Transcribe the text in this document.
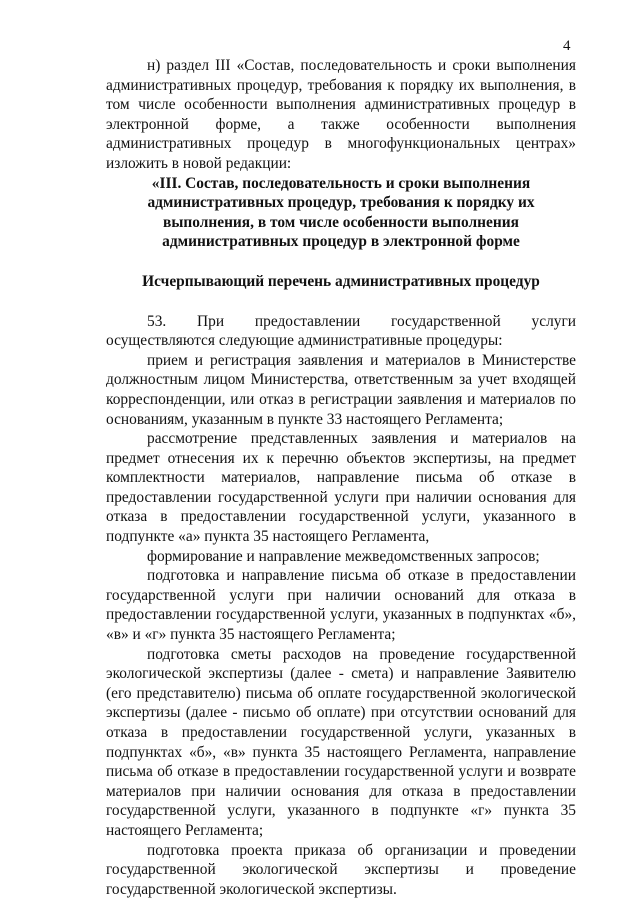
4

н) раздел III «Состав, последовательность и сроки выполнения административных процедур, требования к порядку их выполнения, в том числе особенности выполнения административных процедур в электронной форме, а также особенности выполнения административных процедур в многофункциональных центрах» изложить в новой редакции:

«III. Состав, последовательность и сроки выполнения административных процедур, требования к порядку их выполнения, в том числе особенности выполнения административных процедур в электронной форме

Исчерпывающий перечень административных процедур

53. При предоставлении государственной услуги осуществляются следующие административные процедуры:

прием и регистрация заявления и материалов в Министерстве должностным лицом Министерства, ответственным за учет входящей корреспонденции, или отказ в регистрации заявления и материалов по основаниям, указанным в пункте 33 настоящего Регламента;

рассмотрение представленных заявления и материалов на предмет отнесения их к перечню объектов экспертизы, на предмет комплектности материалов, направление письма об отказе в предоставлении государственной услуги при наличии основания для отказа в предоставлении государственной услуги, указанного в подпункте «а» пункта 35 настоящего Регламента,

формирование и направление межведомственных запросов;

подготовка и направление письма об отказе в предоставлении государственной услуги при наличии оснований для отказа в предоставлении государственной услуги, указанных в подпунктах «б», «в» и «г» пункта 35 настоящего Регламента;

подготовка сметы расходов на проведение государственной экологической экспертизы (далее - смета) и направление Заявителю (его представителю) письма об оплате государственной экологической экспертизы (далее - письмо об оплате) при отсутствии оснований для отказа в предоставлении государственной услуги, указанных в подпунктах «б», «в» пункта 35 настоящего Регламента, направление письма об отказе в предоставлении государственной услуги и возврате материалов при наличии основания для отказа в предоставлении государственной услуги, указанного в подпункте «г» пункта 35 настоящего Регламента;

подготовка проекта приказа об организации и проведении государственной экологической экспертизы и проведение государственной экологической экспертизы.
